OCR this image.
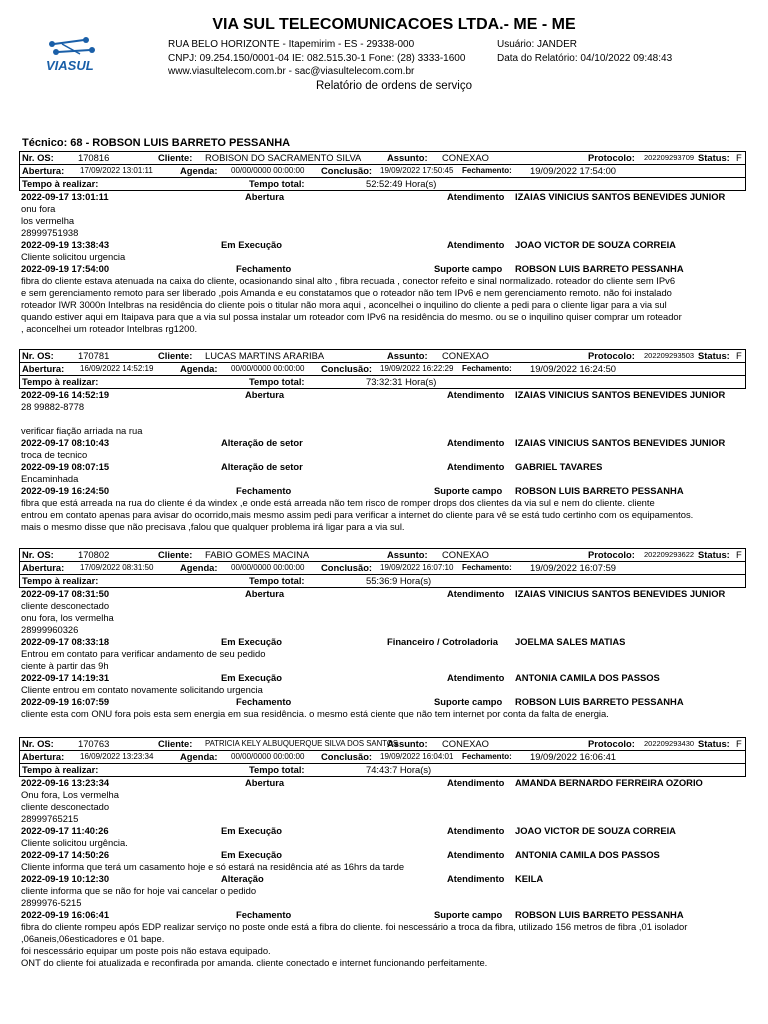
VIASUL
VIA SUL TELECOMUNICACOES LTDA.- ME - ME
RUA BELO HORIZONTE - Itapemirim - ES - 29338-000
CNPJ: 09.254.150/0001-04 IE: 082.515.30-1 Fone: (28) 3333-1600
www.viasultelecom.com.br - sac@viasultelecom.com.br
Usuário: JANDER
Data do Relatório: 04/10/2022 09:48:43
Relatório de ordens de serviço
Técnico: 68 - ROBSON LUIS BARRETO PESSANHA
Nr. OS:	170816	Cliente: ROBISON DO SACRAMENTO SILVA	Assunto: CONEXAO	Protocolo: 202209293709 Status: F
Abertura: 17/09/2022 13:01:11	Agenda: 00/00/0000 00:00:00 Conclusão: 19/09/2022 17:50:45 Fechamento: 19/09/2022 17:54:00
Tempo à realizar:	Tempo total:	52:52:49 Hora(s)
2022-09-17 13:01:11	Abertura	Atendimento IZAIAS VINICIUS SANTOS BENEVIDES JUNIOR
onu fora
los vermelha
28999751938
2022-09-19 13:38:43	Em Execução	Atendimento JOAO VICTOR DE SOUZA CORREIA
Cliente solicitou urgencia
2022-09-19 17:54:00	Fechamento	Suporte campo ROBSON LUIS BARRETO PESSANHA
fibra do cliente estava atenuada na caixa do cliente, ocasionando sinal alto , fibra recuada , conector refeito e sinal normalizado. roteador do cliente sem IPv6
e sem gerenciamento remoto para ser liberado ,pois Amanda e eu constatamos que o roteador não tem IPv6 e nem gerenciamento remoto. não foi instalado
roteador IWR 3000n Intelbras na residência do cliente pois o titular não mora aqui , aconcelhei o inquilino do cliente a pedi para o cliente ligar para a via sul
quando estiver aqui em Itaipava para que a via sul possa instalar um roteador com IPv6 na residência do mesmo. ou se o inquilino quiser comprar um roteador
, aconcelhei um roteador Intelbras rg1200.
Nr. OS:	170781	Cliente: LUCAS MARTINS ARARIBA	Assunto: CONEXAO	Protocolo: 202209293503 Status: F
Abertura: 16/09/2022 14:52:19	Agenda: 00/00/0000 00:00:00 Conclusão: 19/09/2022 16:22:29 Fechamento: 19/09/2022 16:24:50
Tempo à realizar:	Tempo total:	73:32:31 Hora(s)
2022-09-16 14:52:19	Abertura	Atendimento IZAIAS VINICIUS SANTOS BENEVIDES JUNIOR
28 99882-8778
verificar fiação arriada na rua
2022-09-17 08:10:43	Alteração de setor	Atendimento IZAIAS VINICIUS SANTOS BENEVIDES JUNIOR
troca de tecnico
2022-09-19 08:07:15	Alteração de setor	Atendimento GABRIEL TAVARES
Encaminhada
2022-09-19 16:24:50	Fechamento	Suporte campo ROBSON LUIS BARRETO PESSANHA
fibra que está arreada na rua do cliente é da windex ,e onde está arreada não tem risco de romper drops dos clientes da via sul e nem do cliente. cliente
entrou em contato apenas para avisar do ocorrido,mais mesmo assim pedi para verificar a internet do cliente para vê se está tudo certinho com os equipamentos.
mais o mesmo disse que não precisava ,falou que qualquer problema irá ligar para a via sul.
Nr. OS:	170802	Cliente: FABIO GOMES MACINA	Assunto: CONEXAO	Protocolo: 202209293622 Status: F
Abertura: 17/09/2022 08:31:50	Agenda: 00/00/0000 00:00:00 Conclusão: 19/09/2022 16:07:10 Fechamento: 19/09/2022 16:07:59
Tempo à realizar:	Tempo total:	55:36:9 Hora(s)
2022-09-17 08:31:50	Abertura	Atendimento IZAIAS VINICIUS SANTOS BENEVIDES JUNIOR
cliente desconectado
onu fora, los vermelha
28999960326
2022-09-17 08:33:18	Em Execução	Financeiro / Cotroladoria JOELMA SALES MATIAS
Entrou em contato para verificar andamento de seu pedido
ciente à partir das 9h
2022-09-17 14:19:31	Em Execução	Atendimento ANTONIA CAMILA DOS PASSOS
Cliente entrou em contato novamente solicitando urgencia
2022-09-19 16:07:59	Fechamento	Suporte campo ROBSON LUIS BARRETO PESSANHA
cliente esta com ONU fora pois esta sem energia em sua residência. o mesmo está ciente que não tem internet por conta da falta de energia.
Nr. OS:	170763	Cliente: PATRICIA KELY ALBUQUERQUE SILVA DOS SANTOS
Assunto: CONEXAO	Protocolo: 202209293430 Status: F
Abertura: 16/09/2022 13:23:34	Agenda: 00/00/0000 00:00:00 Conclusão: 19/09/2022 16:04:01 Fechamento: 19/09/2022 16:06:41
Tempo à realizar:	Tempo total:	74:43:7 Hora(s)
2022-09-16 13:23:34	Abertura	Atendimento AMANDA BERNARDO FERREIRA OZORIO
Onu fora, Los vermelha
cliente desconectado
28999765215
2022-09-17 11:40:26	Em Execução	Atendimento JOAO VICTOR DE SOUZA CORREIA
Cliente solicitou urgência.
2022-09-17 14:50:26	Em Execução	Atendimento ANTONIA CAMILA DOS PASSOS
Cliente informa que terá um casamento hoje e só estará na residência até as 16hrs da tarde
2022-09-19 10:12:30	Alteração	Atendimento KEILA
cliente informa que se não for hoje vai cancelar o pedido
2899976-5215
2022-09-19 16:06:41	Fechamento	Suporte campo ROBSON LUIS BARRETO PESSANHA
fibra do cliente rompeu após EDP realizar serviço no poste onde está a fibra do cliente. foi nescessário a troca da fibra, utilizado 156 metros de fibra ,01 isolador
,06aneis,06esticadores e 01 bape.
foi nescessário equipar um poste pois não estava equipado.
ONT do cliente foi atualizada e reconfirada por amanda. cliente conectado e internet funcionando perfeitamente.
